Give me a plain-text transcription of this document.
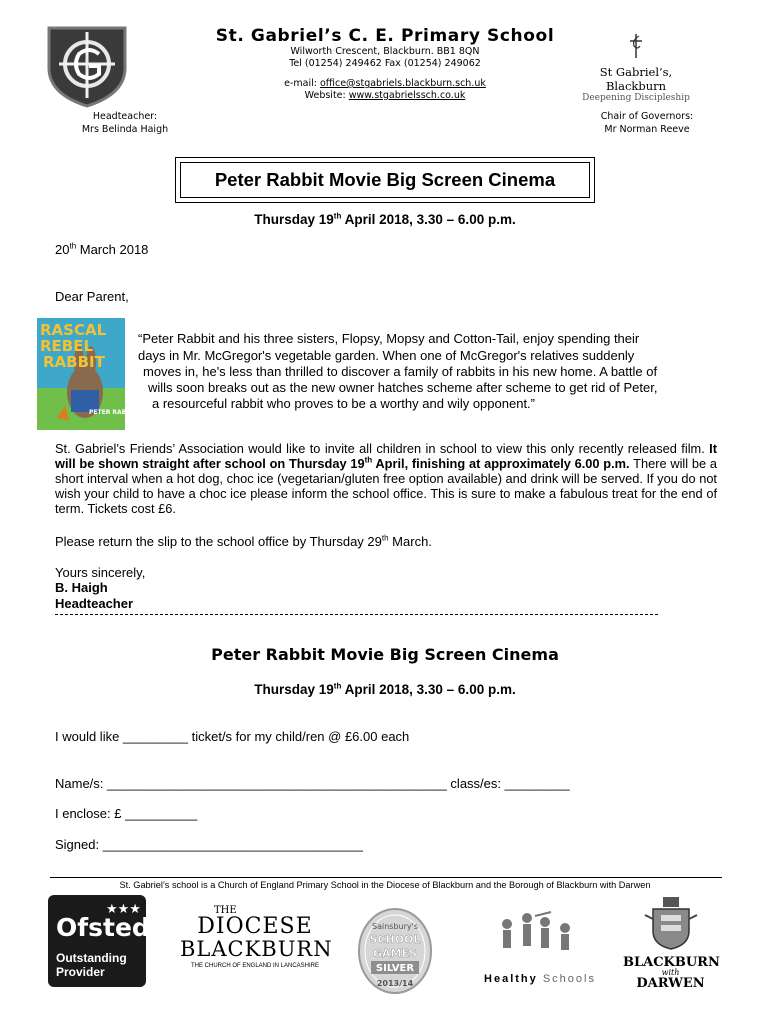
St. Gabriel’s C. E. Primary School
Wilworth Crescent, Blackburn. BB1 8QN
Tel (01254) 249462 Fax (01254) 249062
e-mail: office@stgabriels.blackburn.sch.uk
Website: www.stgabrielssch.co.uk
St Gabriel’s, Blackburn
Deepening Discipleship
Headteacher:
Mrs Belinda Haigh
Chair of Governors:
Mr Norman Reeve
Peter Rabbit Movie Big Screen Cinema
Thursday 19th April 2018, 3.30 – 6.00 p.m.
20th March 2018
Dear Parent,
RASCAL
REBEL
RABBIT
PETER RABBIT
“Peter Rabbit and his three sisters, Flopsy, Mopsy and Cotton-Tail, enjoy spending their
days in Mr. McGregor's vegetable garden. When one of McGregor's relatives suddenly
moves in, he's less than thrilled to discover a family of rabbits in his new home. A battle of
wills soon breaks out as the new owner hatches scheme after scheme to get rid of Peter,
a resourceful rabbit who proves to be a worthy and wily opponent.”
St. Gabriel’s Friends’ Association would like to invite all children in school to view this only recently released film. It will be shown straight after school on Thursday 19th April, finishing at approximately 6.00 p.m. There will be a short interval when a hot dog, choc ice (vegetarian/gluten free option available) and drink will be served. If you do not wish your child to have a choc ice please inform the school office. This is sure to make a fabulous treat for the end of term. Tickets cost £6.
Please return the slip to the school office by Thursday 29th March.
Yours sincerely,
B. Haigh
Headteacher
Peter Rabbit Movie Big Screen Cinema
Thursday 19th April 2018, 3.30 – 6.00 p.m.
I would like _________ ticket/s for my child/ren @ £6.00 each
Name/s: _______________________________________________ class/es: _________
I enclose: £ __________
Signed: ____________________________________
St. Gabriel’s school is a Church of England Primary School in the Diocese of Blackburn and the Borough of Blackburn with Darwen
★★★
Ofsted
Outstanding
Provider
THE
DIOCESE
BLACKBURN
THE CHURCH OF ENGLAND IN LANCASHIRE
Sainsbury's
SCHOOL
GAMES
SILVER
2013/14	Healthy Schools
BLACKBURN
with
DARWEN
